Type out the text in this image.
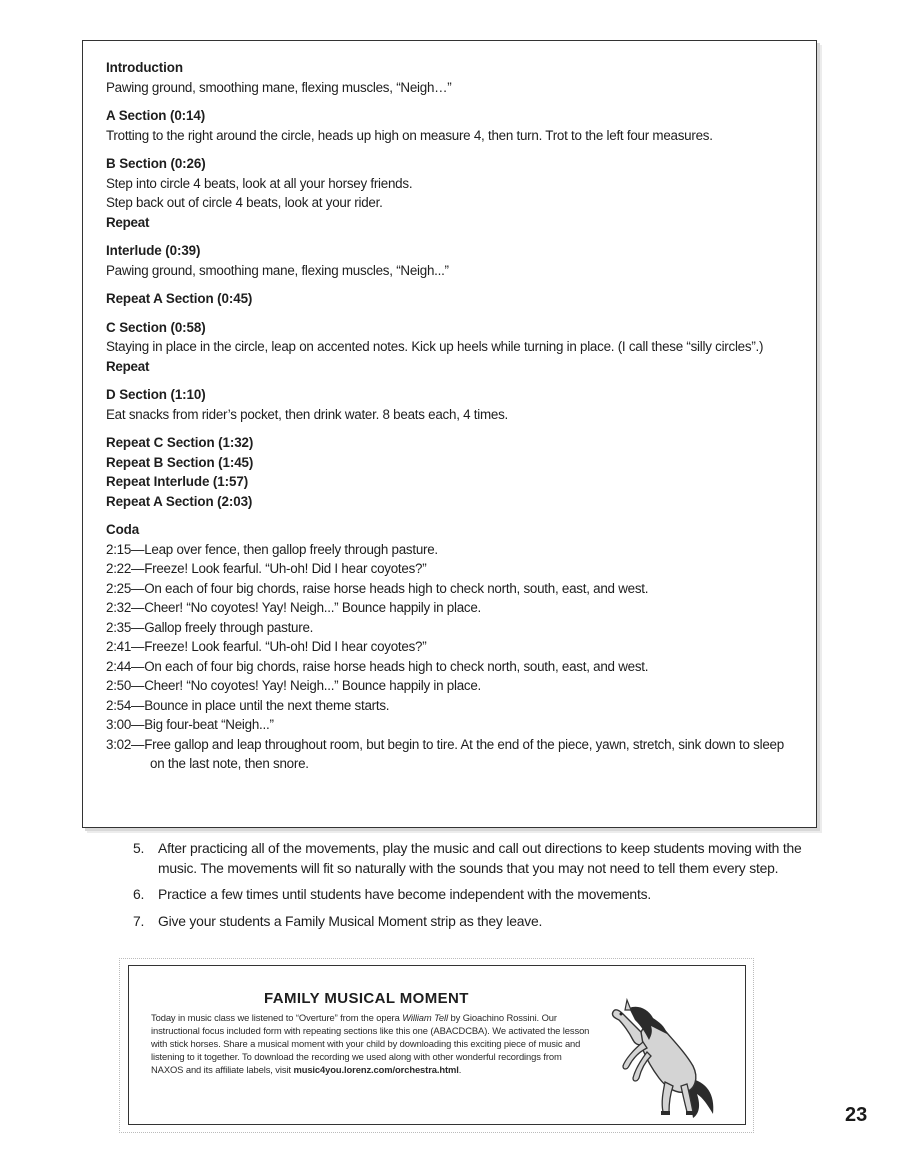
Introduction

Pawing ground, smoothing mane, flexing muscles, “Neigh…”

A Section (0:14)

Trotting to the right around the circle, heads up high on measure 4, then turn. Trot to the left four measures.

B Section (0:26)

Step into circle 4 beats, look at all your horsey friends.

Step back out of circle 4 beats, look at your rider.

Repeat

Interlude (0:39)

Pawing ground, smoothing mane, flexing muscles, “Neigh...”

Repeat A Section (0:45)
C Section (0:58)

Staying in place in the circle, leap on accented notes. Kick up heels while turning in place. (I call these “silly circles”.)

Repeat

D Section (1:10)

Eat snacks from rider’s pocket, then drink water. 8 beats each, 4 times.

Repeat C Section (1:32)
Repeat B Section (1:45)
Repeat Interlude (1:57)
Repeat A Section (2:03)
Coda

2:15—Leap over fence, then gallop freely through pasture.

2:22—Freeze! Look fearful. “Uh-oh! Did I hear coyotes?”

2:25—On each of four big chords, raise horse heads high to check north, south, east, and west.

2:32—Cheer! “No coyotes! Yay! Neigh...” Bounce happily in place.

2:35—Gallop freely through pasture.

2:41—Freeze! Look fearful. “Uh-oh! Did I hear coyotes?”

2:44—On each of four big chords, raise horse heads high to check north, south, east, and west.

2:50—Cheer! “No coyotes! Yay! Neigh...” Bounce happily in place.

2:54—Bounce in place until the next theme starts.

3:00—Big four-beat “Neigh...”

3:02—Free gallop and leap throughout room, but begin to tire. At the end of the piece, yawn, stretch, sink down to sleep on the last note, then snore.

5. After practicing all of the movements, play the music and call out directions to keep students moving with the music. The movements will fit so naturally with the sounds that you may not need to tell them every step.
6. Practice a few times until students have become independent with the movements.
7. Give your students a Family Musical Moment strip as they leave.

FAMILY MUSICAL MOMENT

Today in music class we listened to “Overture” from the opera William Tell by Gioachino Rossini. Our instructional focus included form with repeating sections like this one (ABACDCBA). We activated the lesson with stick horses. Share a musical moment with your child by downloading this exciting piece of music and listening to it together. To download the recording we used along with other wonderful recordings from NAXOS and its affiliate labels, visit music4you.lorenz.com/orchestra.html.

23
